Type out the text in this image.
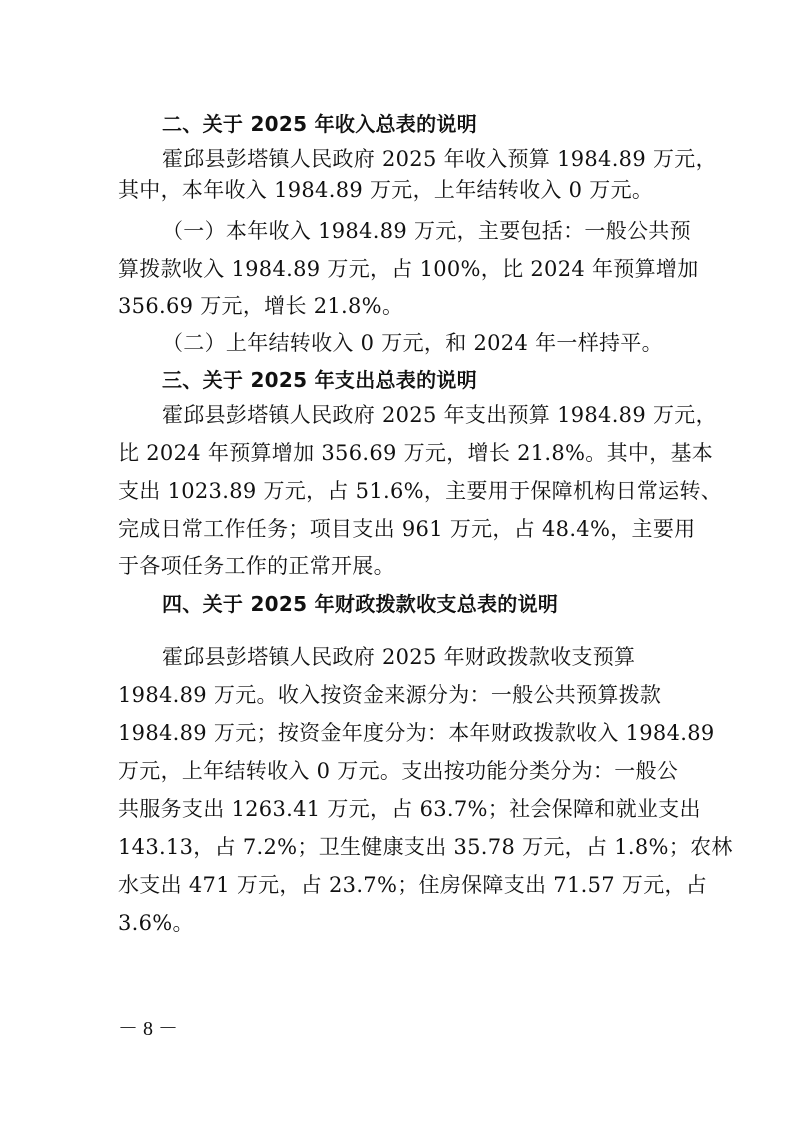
二、关于 2025 年收入总表的说明

霍邱县彭塔镇人民政府 2025 年收入预算 1984.89 万元，

其中，本年收入 1984.89 万元，上年结转收入 0 万元。

（一）本年收入 1984.89 万元，主要包括：一般公共预

算拨款收入 1984.89 万元，占 100%，比 2024 年预算增加

356.69 万元，增长 21.8%。

（二）上年结转收入 0 万元，和 2024 年一样持平。

三、关于 2025 年支出总表的说明

霍邱县彭塔镇人民政府 2025 年支出预算 1984.89 万元，

比 2024 年预算增加 356.69 万元，增长 21.8%。其中，基本

支出 1023.89 万元，占 51.6%，主要用于保障机构日常运转、

完成日常工作任务；项目支出 961 万元，占 48.4%，主要用

于各项任务工作的正常开展。

四、关于 2025 年财政拨款收支总表的说明

霍邱县彭塔镇人民政府 2025 年财政拨款收支预算

1984.89 万元。收入按资金来源分为：一般公共预算拨款

1984.89 万元；按资金年度分为：本年财政拨款收入 1984.89

万元，上年结转收入 0 万元。支出按功能分类分为：一般公

共服务支出 1263.41 万元，占 63.7%；社会保障和就业支出

143.13，占 7.2%；卫生健康支出 35.78 万元，占 1.8%；农林

水支出 471 万元，占 23.7%；住房保障支出 71.57 万元，占

3.6%。

－ 8 －
